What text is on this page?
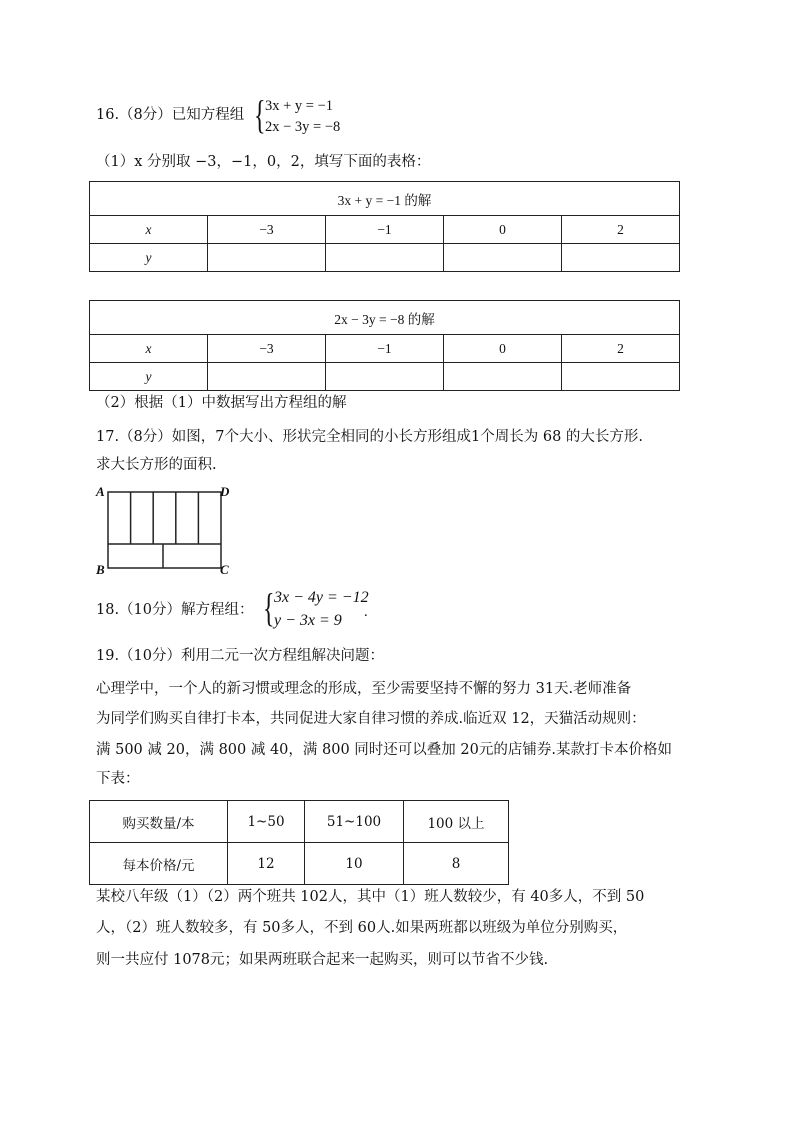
16.（8分）已知方程组 { 3x + y = −1
2x − 3y = −8
（1）x 分别取 −3，−1，0，2，填写下面的表格：
3x + y = −1 的解				
x	−3	−1	0	2
y				
2x − 3y = −8 的解				
x	−3	−1	0	2
y				
（2）根据（1）中数据写出方程组的解
17.（8分）如图，7个大小、形状完全相同的小长方形组成1个周长为 68 的大长方形.
求大长方形的面积.
A	D
B	C
18.（10分）解方程组： { 3x − 4y = −12
y − 3x = 9 .
19.（10分）利用二元一次方程组解决问题：
心理学中，一个人的新习惯或理念的形成，至少需要坚持不懈的努力 31天.老师准备
为同学们购买自律打卡本，共同促进大家自律习惯的养成.临近双 12，天猫活动规则：
满 500 减 20，满 800 减 40，满 800 同时还可以叠加 20元的店铺券.某款打卡本价格如
下表：
购买数量/本	1~50	51~100	100 以上
每本价格/元	12	10	8
某校八年级（1）（2）两个班共 102人，其中（1）班人数较少，有 40多人，不到 50
人，（2）班人数较多，有 50多人，不到 60人.如果两班都以班级为单位分别购买，
则一共应付 1078元；如果两班联合起来一起购买，则可以节省不少钱.
